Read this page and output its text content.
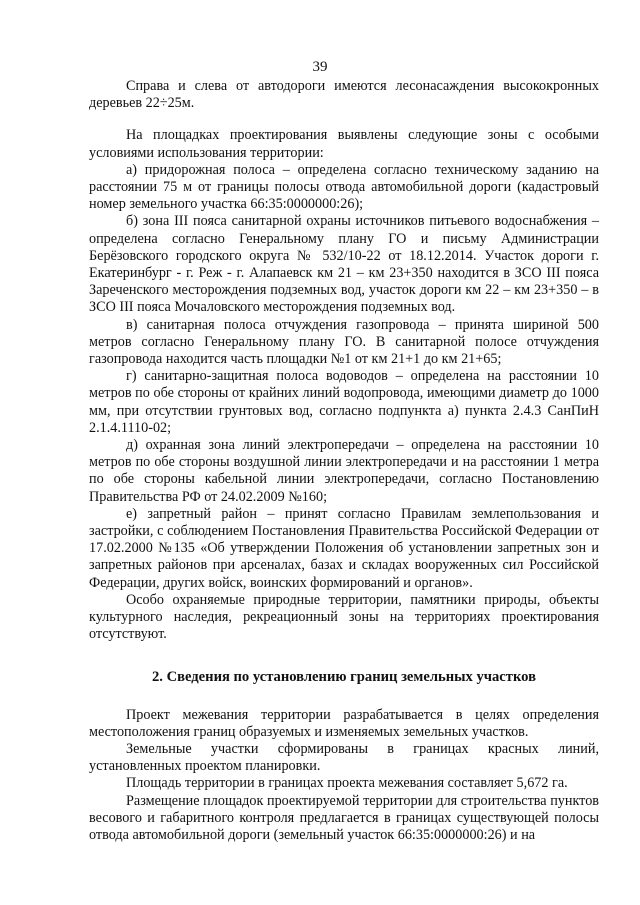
39

Справа и слева от автодороги имеются лесонасаждения высококронных деревьев 22÷25м.

На площадках проектирования выявлены следующие зоны с особыми условиями использования территории:

а) придорожная полоса – определена согласно техническому заданию на расстоянии 75 м от границы полосы отвода автомобильной дороги (кадастровый номер земельного участка 66:35:0000000:26);

б) зона III пояса санитарной охраны источников питьевого водоснабжения – определена согласно Генеральному плану ГО и письму Администрации Берёзовского городского округа № 532/10-22 от 18.12.2014. Участок дороги г. Екатеринбург - г. Реж - г. Алапаевск км 21 – км 23+350 находится в ЗСО III пояса Зареченского месторождения подземных вод, участок дороги км 22 – км 23+350 – в ЗСО III пояса Мочаловского месторождения подземных вод.

в) санитарная полоса отчуждения газопровода – принята шириной 500 метров согласно Генеральному плану ГО. В санитарной полосе отчуждения газопровода находится часть площадки №1 от км 21+1 до км 21+65;

г) санитарно-защитная полоса водоводов – определена на расстоянии 10 метров по обе стороны от крайних линий водопровода, имеющими диаметр до 1000 мм, при отсутствии грунтовых вод, согласно подпункта а) пункта 2.4.3 СанПиН 2.1.4.1110-02;

д) охранная зона линий электропередачи – определена на расстоянии 10 метров по обе стороны воздушной линии электропередачи и на расстоянии 1 метра по обе стороны кабельной линии электропередачи, согласно Постановлению Правительства РФ от 24.02.2009 №160;

е) запретный район – принят согласно Правилам землепользования и застройки, с соблюдением Постановления Правительства Российской Федерации от 17.02.2000 №135 «Об утверждении Положения об установлении запретных зон и запретных районов при арсеналах, базах и складах вооруженных сил Российской Федерации, других войск, воинских формирований и органов».

Особо охраняемые природные территории, памятники природы, объекты культурного наследия, рекреационный зоны на территориях проектирования отсутствуют.

2. Сведения по установлению границ земельных участков

Проект межевания территории разрабатывается в целях определения местоположения границ образуемых и изменяемых земельных участков.

Земельные участки сформированы в границах красных линий, установленных проектом планировки.

Площадь территории в границах проекта межевания составляет 5,672 га.

Размещение площадок проектируемой территории для строительства пунктов весового и габаритного контроля предлагается в границах существующей полосы отвода автомобильной дороги (земельный участок 66:35:0000000:26) и на
